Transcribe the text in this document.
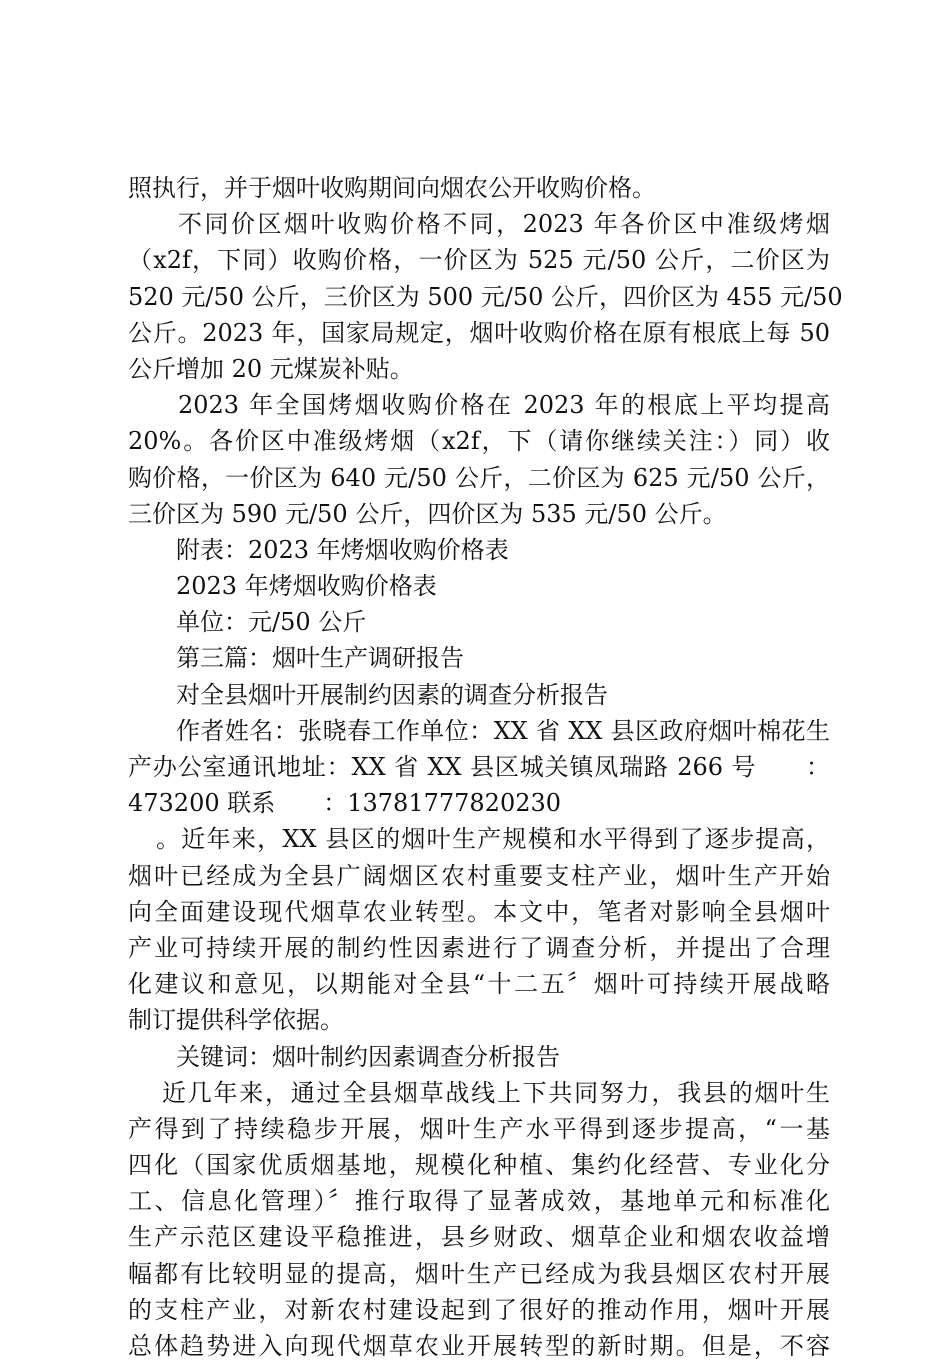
照执行，并于烟叶收购期间向烟农公开收购价格。
不同价区烟叶收购价格不同，2023 年各价区中准级烤烟
（x2f，下同）收购价格，一价区为 525 元/50 公斤，二价区为
520 元/50 公斤，三价区为 500 元/50 公斤，四价区为 455 元/50
公斤。2023 年，国家局规定，烟叶收购价格在原有根底上每 50
公斤增加 20 元煤炭补贴。
2023 年全国烤烟收购价格在 2023 年的根底上平均提高
20%。各价区中准级烤烟（x2f，下（请你继续关注：）同）收
购价格，一价区为 640 元/50 公斤，二价区为 625 元/50 公斤，
三价区为 590 元/50 公斤，四价区为 535 元/50 公斤。
附表：2023 年烤烟收购价格表
2023 年烤烟收购价格表
单位：元/50 公斤
第三篇：烟叶生产调研报告
对全县烟叶开展制约因素的调查分析报告
作者姓名：张晓春工作单位：XX 省 XX 县区政府烟叶棉花生
产办公室通讯地址：XX 省 XX 县区城关镇凤瑞路 266 号　　：
473200 联系　　：13781777820230
。近年来，XX 县区的烟叶生产规模和水平得到了逐步提高，
烟叶已经成为全县广阔烟区农村重要支柱产业，烟叶生产开始
向全面建设现代烟草农业转型。本文中，笔者对影响全县烟叶
产业可持续开展的制约性因素进行了调查分析，并提出了合理
化建议和意见，以期能对全县“十二五〞烟叶可持续开展战略
制订提供科学依据。
关键词：烟叶制约因素调查分析报告
近几年来，通过全县烟草战线上下共同努力，我县的烟叶生
产得到了持续稳步开展，烟叶生产水平得到逐步提高，“一基
四化（国家优质烟基地，规模化种植、集约化经营、专业化分
工、信息化管理）〞推行取得了显著成效，基地单元和标准化
生产示范区建设平稳推进，县乡财政、烟草企业和烟农收益增
幅都有比较明显的提高，烟叶生产已经成为我县烟区农村开展
的支柱产业，对新农村建设起到了很好的推动作用，烟叶开展
总体趋势进入向现代烟草农业开展转型的新时期。但是，不容
